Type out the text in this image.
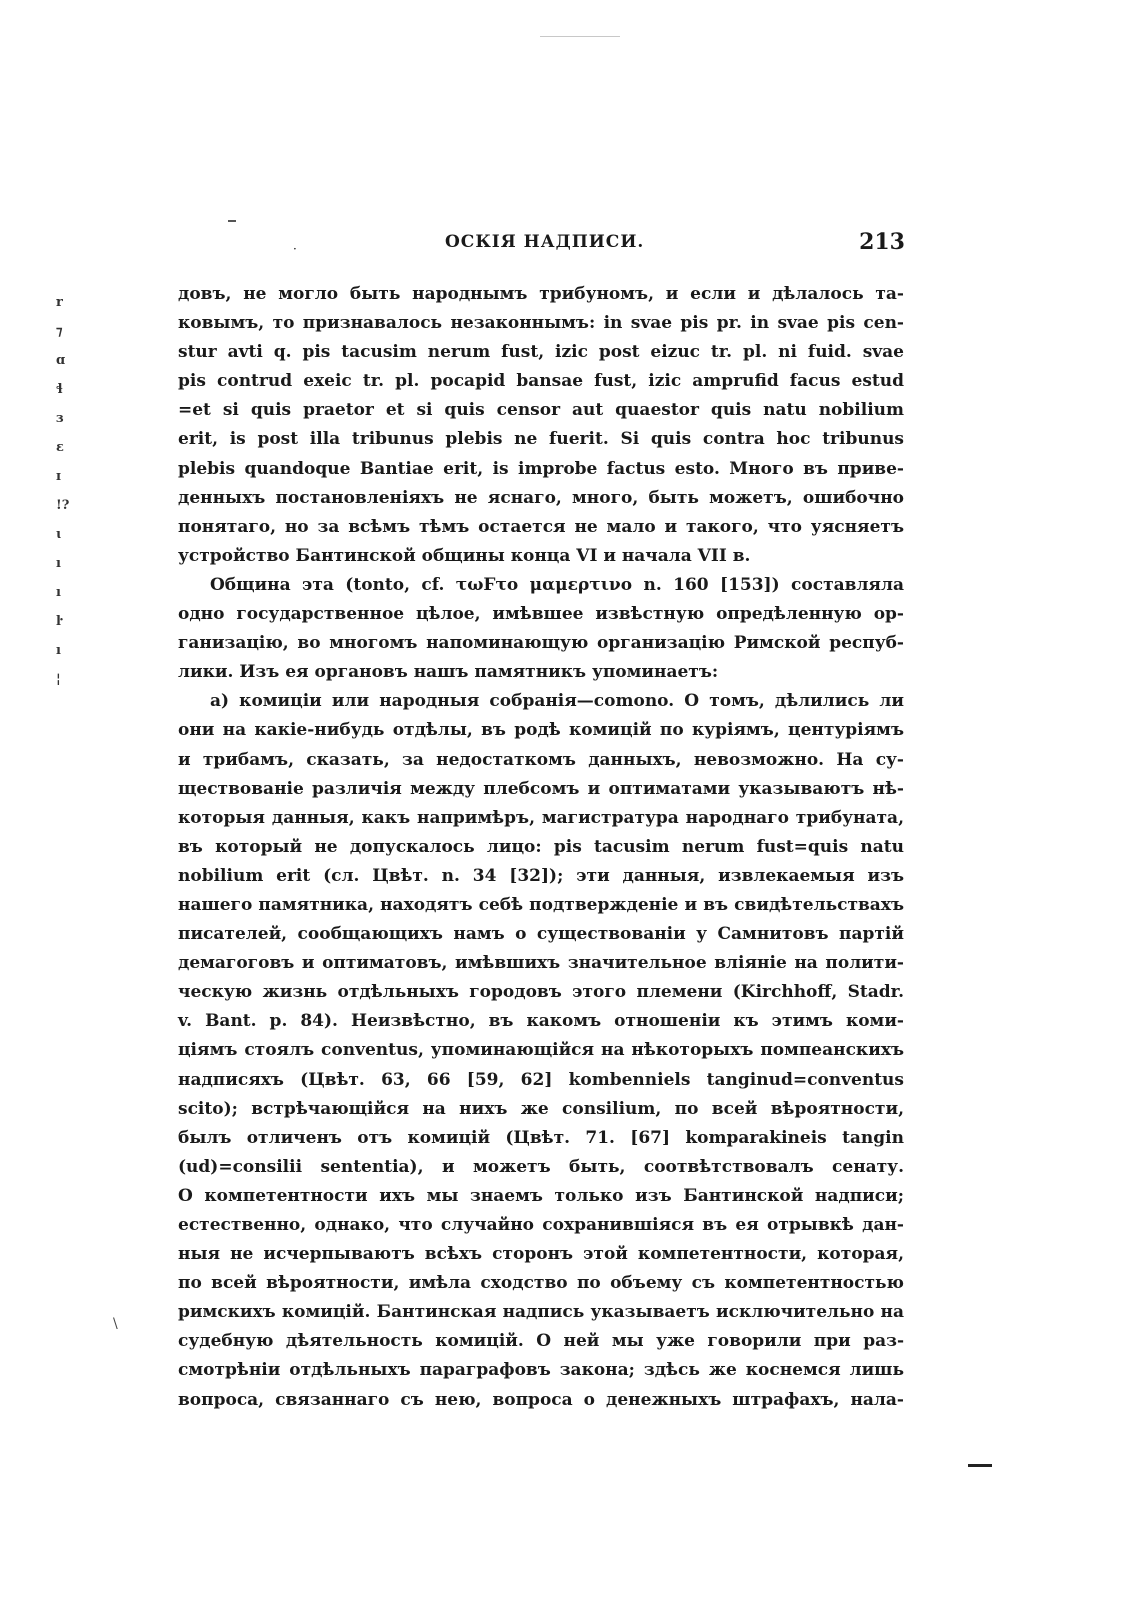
·	ОСКІЯ НАДПИСИ.	213
r
⁊
ɑ
ɬ
ɜ
ɛ
ɪ
!?
ɩ
ı
ı
ŀ
ı
¦
довъ, не могло быть народнымъ трибуномъ, и если и дѣлалось та-
ковымъ, то признавалось незаконнымъ: in svae pis pr. in svae pis cen-
stur avti q. pis tacusim nerum fust, izic post eizuc tr. pl. ni fuid. svae
pis contrud exeic tr. pl. pocapid bansae fust, izic amprufid facus estud
=et si quis praetor et si quis censor aut quaestor quis natu nobilium
erit, is post illa tribunus plebis ne fuerit. Si quis contra hoc tribunus
plebis quandoque Bantiae erit, is improbe factus esto. Много въ приве-
денныхъ постановленіяхъ не яснаго, много, быть можетъ, ошибочно
понятаго, но за всѣмъ тѣмъ остается не мало и такого, что уясняетъ
устройство Бантинской общины конца VI и начала VII в.
Община эта (tonto, cf. τωϜτο μαμερτινο n. 160 [153]) составляла
одно государственное цѣлое, имѣвшее извѣстную опредѣленную ор-
ганизацію, во многомъ напоминающую организацію Римской респуб-
лики. Изъ ея органовъ нашъ памятникъ упоминаетъ:
а) комиціи или народныя собранія—comono. О томъ, дѣлились ли
они на какіе-нибудь отдѣлы, въ родѣ комицій по куріямъ, центуріямъ
и трибамъ, сказать, за недостаткомъ данныхъ, невозможно. На су-
ществованіе различія между плебсомъ и оптиматами указываютъ нѣ-
которыя данныя, какъ напримѣръ, магистратура народнаго трибуната,
въ который не допускалось лицо: pis tacusim nerum fust=quis natu
nobilium erit (сл. Цвѣт. n. 34 [32]); эти данныя, извлекаемыя изъ
нашего памятника, находятъ себѣ подтвержденіе и въ свидѣтельствахъ
писателей, сообщающихъ намъ о существованіи у Самнитовъ партій
демагоговъ и оптиматовъ, имѣвшихъ значительное вліяніе на полити-
ческую жизнь отдѣльныхъ городовъ этого племени (Kirchhoff, Stadr.
v. Bant. p. 84). Неизвѣстно, въ какомъ отношеніи къ этимъ коми-
ціямъ стоялъ conventus, упоминающійся на нѣкоторыхъ помпеанскихъ
надписяхъ (Цвѣт. 63, 66 [59, 62] kombenniels tanginud=conventus
scito); встрѣчающійся на нихъ же consilium, по всей вѣроятности,
былъ отличенъ отъ комицій (Цвѣт. 71. [67] komparakineis tangin
(ud)=consilii sententia), и можетъ быть, соотвѣтствовалъ сенату.
О компетентности ихъ мы знаемъ только изъ Бантинской надписи;
естественно, однако, что случайно сохранившіяся въ ея отрывкѣ дан-
ныя не исчерпываютъ всѣхъ сторонъ этой компетентности, которая,
по всей вѣроятности, имѣла сходство по объему съ компетентностью
римскихъ комицій. Бантинская надпись указываетъ исключительно на
судебную дѣятельность комицій. О ней мы уже говорили при раз-
смотрѣніи отдѣльныхъ параграфовъ закона; здѣсь же коснемся лишь
вопроса, связаннаго съ нею, вопроса о денежныхъ штрафахъ, нала-
\
